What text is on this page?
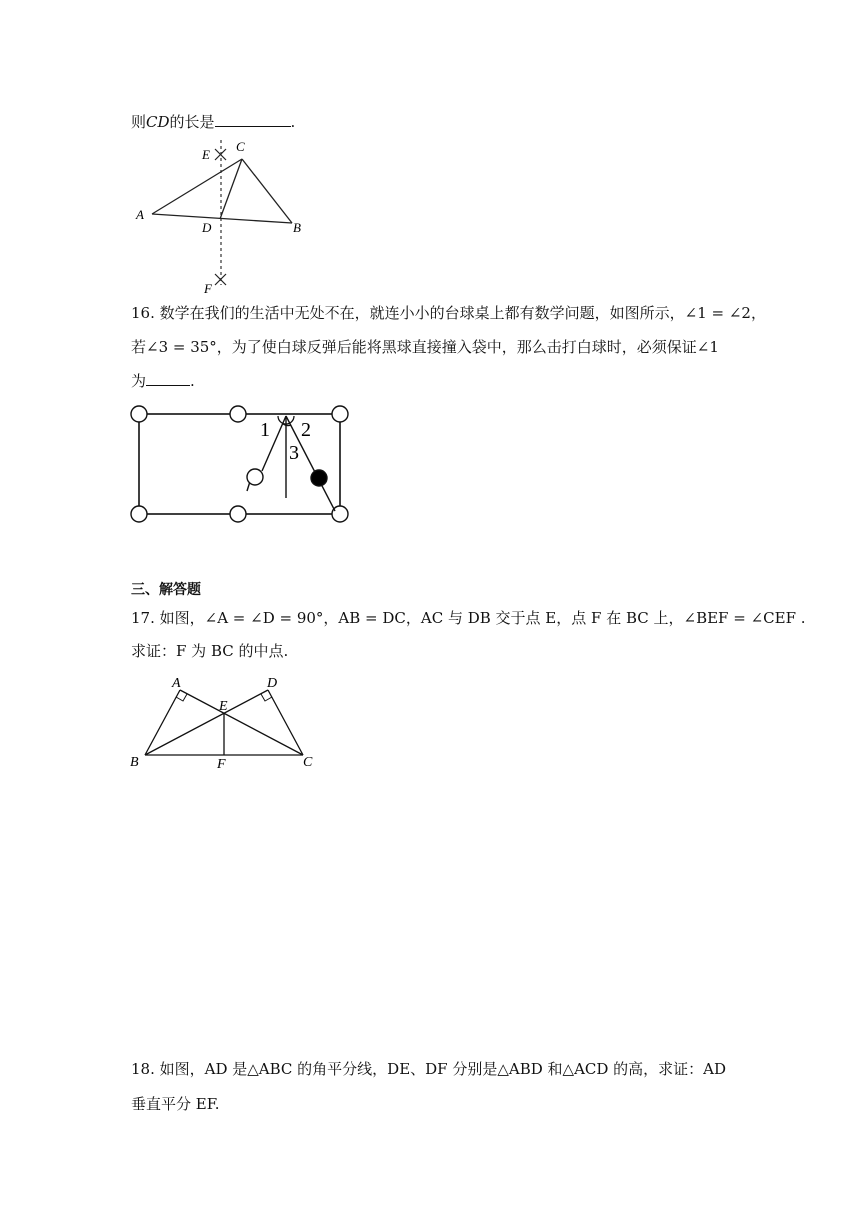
则CD的长是	.
E
C
A
D	B
F
16. 数学在我们的生活中无处不在，就连小小的台球桌上都有数学问题，如图所示，∠1 = ∠2，
若∠3 = 35°，为了使白球反弹后能将黑球直接撞入袋中，那么击打白球时，必须保证∠1
为	.
1 2
3
三、解答题
17. 如图，∠A = ∠D = 90°，AB = DC，AC 与 DB 交于点 E，点 F 在 BC 上，∠BEF = ∠CEF .
求证：F 为 BC 的中点.
A	D
E
B	F	C
18. 如图，AD 是△ABC 的角平分线，DE、DF 分别是△ABD 和△ACD 的高，求证：AD
垂直平分 EF.
